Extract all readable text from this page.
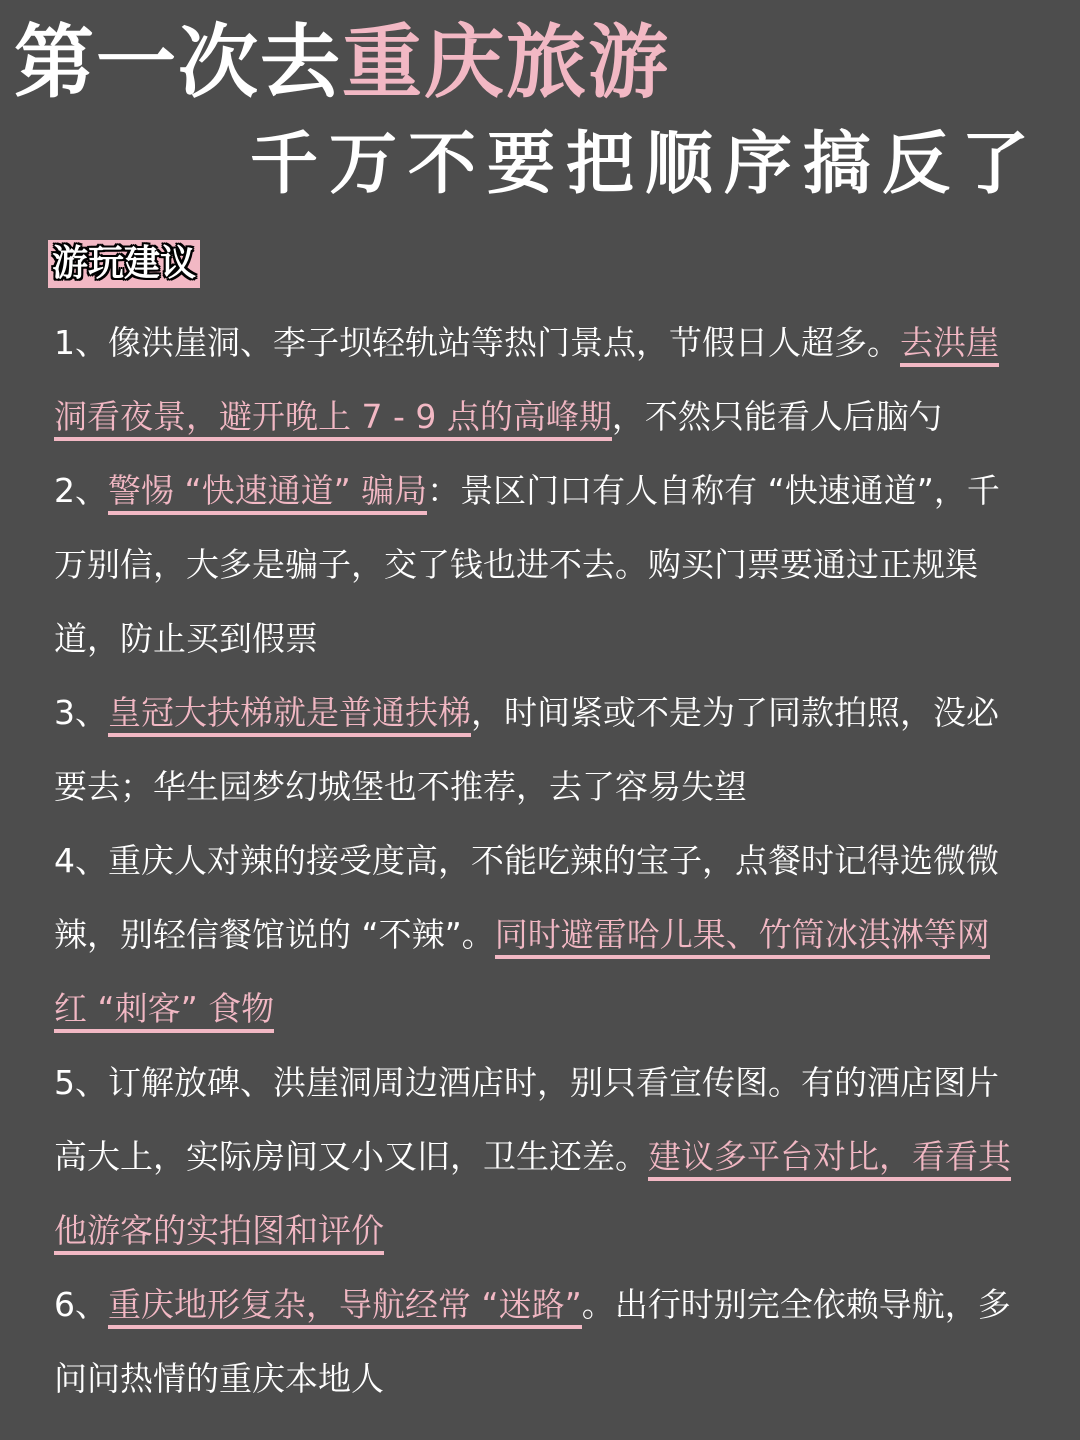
第一次去重庆旅游
千万不要把顺序搞反了
游玩建议

1、像洪崖洞、李子坝轻轨站等热门景点，节假日人超多。去洪崖洞看夜景，避开晚上 7 - 9 点的高峰期，不然只能看人后脑勺

2、警惕 “快速通道” 骗局：景区门口有人自称有 “快速通道”，千万别信，大多是骗子，交了钱也进不去。购买门票要通过正规渠道，防止买到假票

3、皇冠大扶梯就是普通扶梯，时间紧或不是为了同款拍照，没必要去；华生园梦幻城堡也不推荐，去了容易失望

4、重庆人对辣的接受度高，不能吃辣的宝子，点餐时记得选微微辣，别轻信餐馆说的 “不辣”。同时避雷哈儿果、竹筒冰淇淋等网红 “刺客” 食物

5、订解放碑、洪崖洞周边酒店时，别只看宣传图。有的酒店图片高大上，实际房间又小又旧，卫生还差。建议多平台对比，看看其他游客的实拍图和评价

6、重庆地形复杂，导航经常 “迷路”。出行时别完全依赖导航，多问问热情的重庆本地人
